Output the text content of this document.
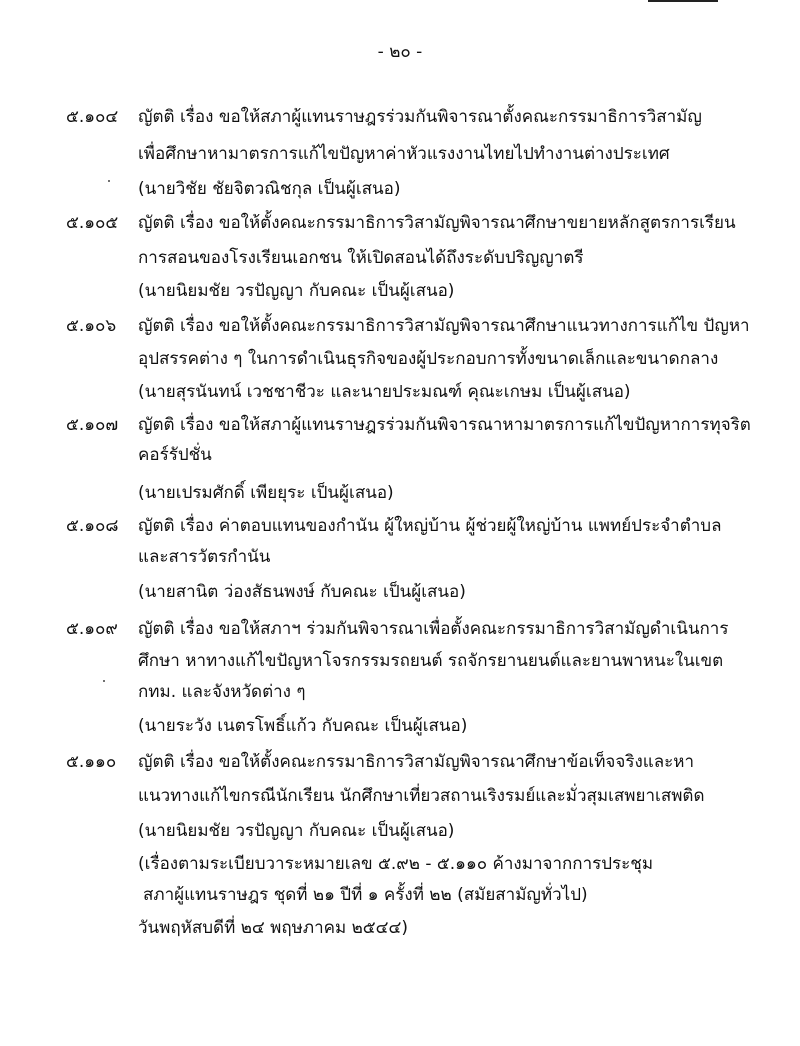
- ๒๐ -
๕.๑๐๔	ญัตติ เรื่อง ขอให้สภาผู้แทนราษฎรร่วมกันพิจารณาตั้งคณะกรรมาธิการวิสามัญ
เพื่อศึกษาหามาตรการแก้ไขปัญหาค่าหัวแรงงานไทยไปทำงานต่างประเทศ
(นายวิชัย ชัยจิตวณิชกุล เป็นผู้เสนอ)
๕.๑๐๕	ญัตติ เรื่อง ขอให้ตั้งคณะกรรมาธิการวิสามัญพิจารณาศึกษาขยายหลักสูตรการเรียน
การสอนของโรงเรียนเอกชน ให้เปิดสอนได้ถึงระดับปริญญาตรี
(นายนิยมชัย วรปัญญา กับคณะ เป็นผู้เสนอ)
๕.๑๐๖	ญัตติ เรื่อง ขอให้ตั้งคณะกรรมาธิการวิสามัญพิจารณาศึกษาแนวทางการแก้ไข ปัญหา
อุปสรรคต่าง ๆ ในการดำเนินธุรกิจของผู้ประกอบการทั้งขนาดเล็กและขนาดกลาง
(นายสุรนันทน์ เวชชาชีวะ และนายประมณฑ์ คุณะเกษม เป็นผู้เสนอ)
๕.๑๐๗	ญัตติ เรื่อง ขอให้สภาผู้แทนราษฎรร่วมกันพิจารณาหามาตรการแก้ไขปัญหาการทุจริต
คอร์รัปชั่น
(นายเปรมศักดิ์ เพียยุระ เป็นผู้เสนอ)
๕.๑๐๘	ญัตติ เรื่อง ค่าตอบแทนของกำนัน ผู้ใหญ่บ้าน ผู้ช่วยผู้ใหญ่บ้าน แพทย์ประจำตำบล
และสารวัตรกำนัน
(นายสานิต ว่องสัธนพงษ์ กับคณะ เป็นผู้เสนอ)
๕.๑๐๙	ญัตติ เรื่อง ขอให้สภาฯ ร่วมกันพิจารณาเพื่อตั้งคณะกรรมาธิการวิสามัญดำเนินการ
ศึกษา หาทางแก้ไขปัญหาโจรกรรมรถยนต์ รถจักรยานยนต์และยานพาหนะในเขต
กทม. และจังหวัดต่าง ๆ
(นายระวัง เนตรโพธิ์แก้ว กับคณะ เป็นผู้เสนอ)
๕.๑๑๐	ญัตติ เรื่อง ขอให้ตั้งคณะกรรมาธิการวิสามัญพิจารณาศึกษาข้อเท็จจริงและหา
แนวทางแก้ไขกรณีนักเรียน นักศึกษาเที่ยวสถานเริงรมย์และมั่วสุมเสพยาเสพติด
(นายนิยมชัย วรปัญญา กับคณะ เป็นผู้เสนอ)
(เรื่องตามระเบียบวาระหมายเลข ๕.๙๒ - ๕.๑๑๐ ค้างมาจากการประชุม
สภาผู้แทนราษฎร ชุดที่ ๒๑ ปีที่ ๑ ครั้งที่ ๒๒ (สมัยสามัญทั่วไป)
วันพฤหัสบดีที่ ๒๔ พฤษภาคม ๒๕๔๔)
